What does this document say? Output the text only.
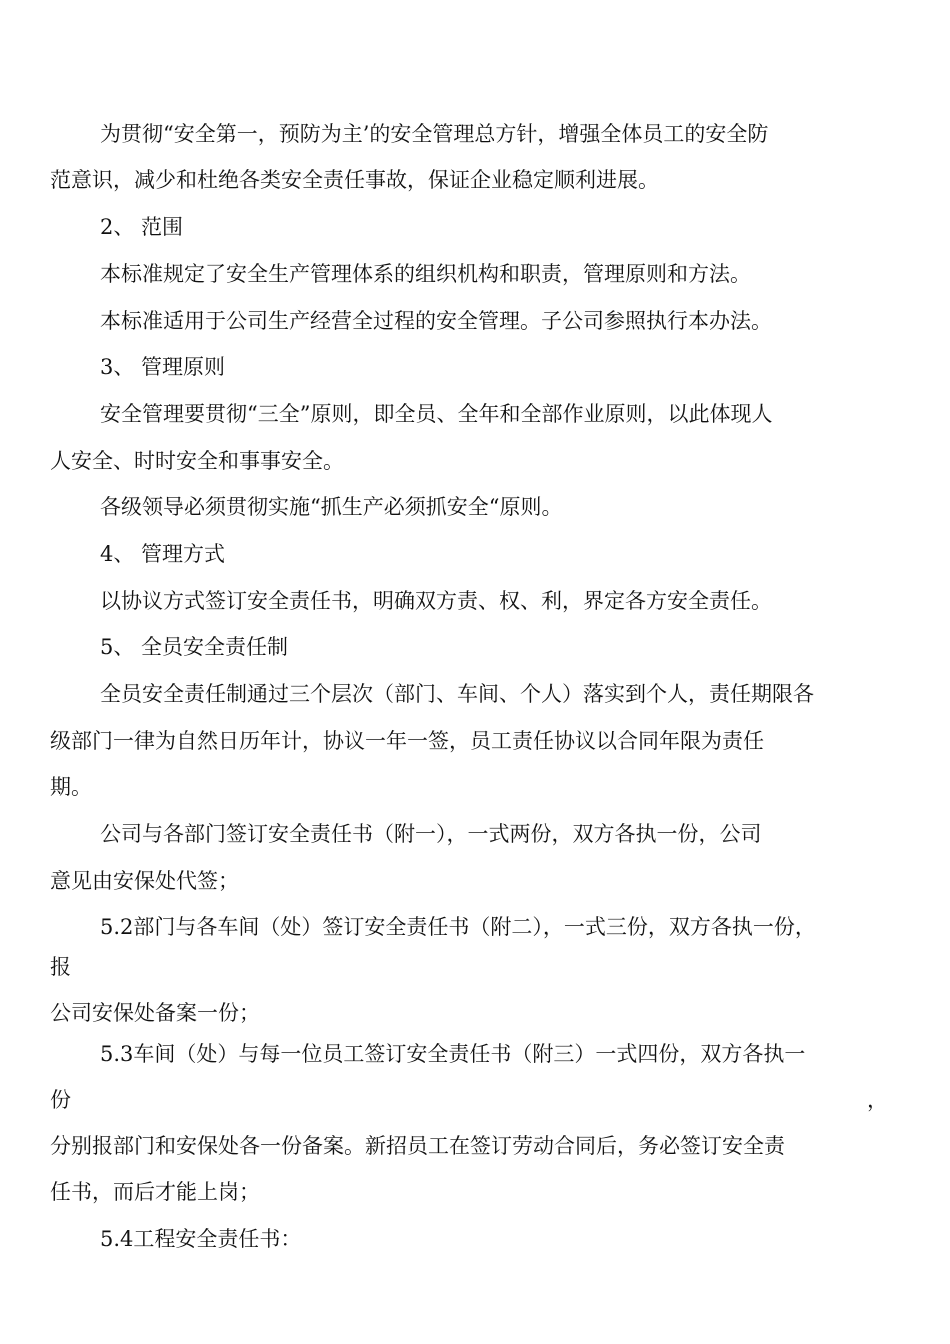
为贯彻“安全第一，预防为主’的安全管理总方针，增强全体员工的安全防
范意识，减少和杜绝各类安全责任事故，保证企业稳定顺利进展。
2、 范围
本标准规定了安全生产管理体系的组织机构和职责，管理原则和方法。
本标准适用于公司生产经营全过程的安全管理。子公司参照执行本办法。
3、 管理原则
安全管理要贯彻“三全”原则，即全员、全年和全部作业原则，以此体现人
人安全、时时安全和事事安全。
各级领导必须贯彻实施“抓生产必须抓安全“原则。
4、 管理方式
以协议方式签订安全责任书，明确双方责、权、利，界定各方安全责任。
5、 全员安全责任制
全员安全责任制通过三个层次（部门、车间、个人）落实到个人，责任期限各
级部门一律为自然日历年计，协议一年一签，员工责任协议以合同年限为责任
期。
公司与各部门签订安全责任书（附一），一式两份，双方各执一份，公司
意见由安保处代签；
5.2部门与各车间（处）签订安全责任书（附二），一式三份，双方各执一份，
报
公司安保处备案一份；
5.3车间（处）与每一位员工签订安全责任书（附三）一式四份，双方各执一
份	，
分别报部门和安保处各一份备案。新招员工在签订劳动合同后，务必签订安全责
任书，而后才能上岗；
5.4工程安全责任书：
